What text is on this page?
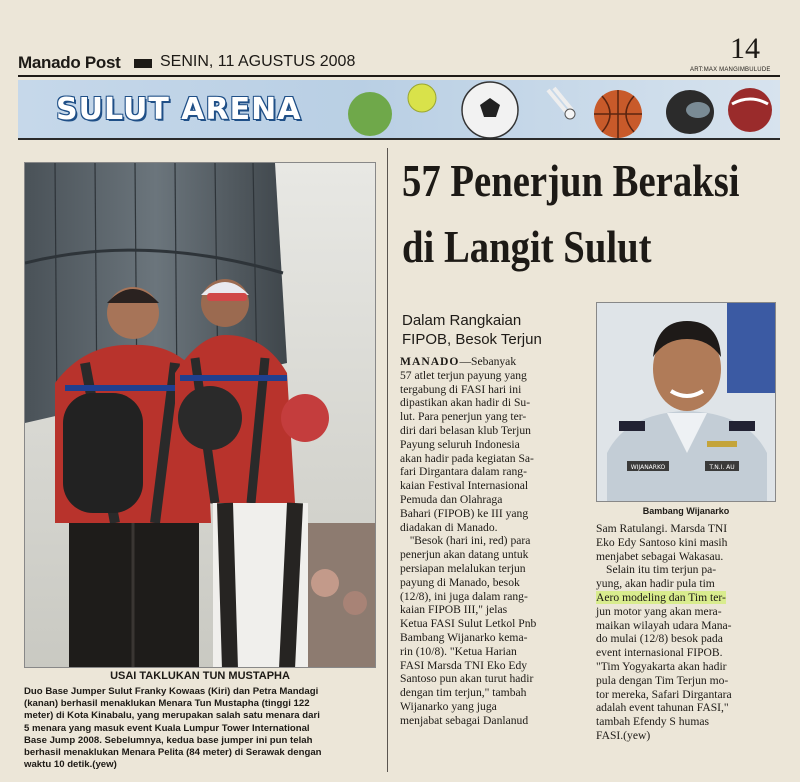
Manado Post SENIN, 11 AGUSTUS 2008	14
ART:MAX MANGIMBULUDE
SULUT ARENA
USAI TAKLUKAN TUN MUSTAPHA
Duo Base Jumper Sulut Franky Kowaas (Kiri) dan Petra Mandagi
(kanan) berhasil menaklukan Menara Tun Mustapha (tinggi 122
meter) di Kota Kinabalu, yang merupakan salah satu menara dari
5 menara yang masuk event Kuala Lumpur Tower International
Base Jump 2008. Sebelumnya, kedua base jumper ini pun telah
berhasil menaklukan Menara Pelita (84 meter) di Serawak dengan
waktu 10 detik.(yew)
57 Penerjun Beraksi
di Langit Sulut
Dalam Rangkaian
FIPOB, Besok Terjun
WIJANARKO	T.N.I. AU
Bambang Wijanarko
MANADO—Sebanyak
57 atlet terjun payung yang
tergabung di FASI hari ini
dipastikan akan hadir di Su-
lut. Para penerjun yang ter-
diri dari belasan klub Terjun
Payung seluruh Indonesia
akan hadir pada kegiatan Sa-
fari Dirgantara dalam rang-
kaian Festival Internasional
Pemuda dan Olahraga
Bahari (FIPOB) ke III yang
diadakan di Manado.
''Besok (hari ini, red) para
penerjun akan datang untuk
persiapan melalukan terjun
payung di Manado, besok
(12/8), ini juga dalam rang-
kaian FIPOB III," jelas
Ketua FASI Sulut Letkol Pnb
Bambang Wijanarko kema-
rin (10/8). "Ketua Harian
FASI Marsda TNI Eko Edy
Santoso pun akan turut hadir
dengan tim terjun," tambah
Wijanarko yang juga
menjabat sebagai Danlanud
Sam Ratulangi. Marsda TNI
Eko Edy Santoso kini masih
menjabet sebagai Wakasau.
Selain itu tim terjun pa-
yung, akan hadir pula tim
Aero modeling dan Tim ter-
jun motor yang akan mera-
maikan wilayah udara Mana-
do mulai (12/8) besok pada
event internasional FIPOB.
"Tim Yogyakarta akan hadir
pula dengan Tim Terjun mo-
tor mereka, Safari Dirgantara
adalah event tahunan FASI,"
tambah Efendy S humas
FASI.(yew)
